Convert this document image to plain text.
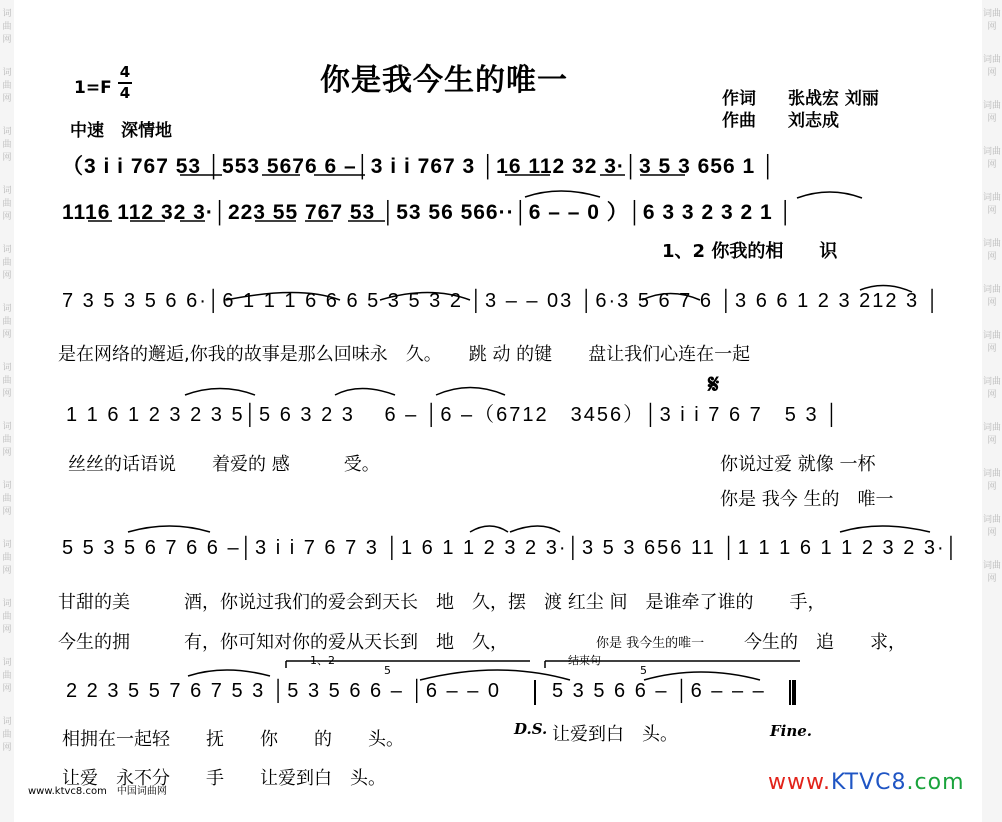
词曲网
词曲网
词曲网
词曲网
词曲网
词曲网
词曲网
词曲网
词曲网
词曲网
词曲网
词曲网
词曲网
词曲网
词曲网
词曲网
词曲网
词曲网
词曲网
词曲网
词曲网
词曲网
词曲网
词曲网
词曲网
词曲网
你是我今生的唯一
1=F
4
4
中速　深情地
作词 张战宏 刘丽
作曲 刘志成
（3 i i 767 53 │553 5676 6 –│3 i i 767 3 │16 112 32 3·│3 5 3 656 1 │
1116 112 32 3·│223 55 767 53 │53 56 566··│6 – – 0 ）│6 3 3 2 3 2 1 │
1、2 你我的相　　识
7 3 5 3 5 6 6·│6 1 1 1 6 6 6 5 3 5 3 2 │3 – – 03 │6·3 5 6 7 6 │3 6 6 1 2 3 212 3 │
是在网络的邂逅,你我的故事是那么回味永　久。　　跳 动 的键　　盘让我们心连在一起
𝄋
1 1 6 1 2 3 2 3 5│5 6 3 2 3 　6 – │6 –（6712　3456）│3 i i 7 6 7　5 3 │
丝丝的话语说　　着爱的 感　　　受。	你说过爱 就像 一杯
你是 我今 生的　唯一
5 5 3 5 6 7 6 6 –│3 i i 7 6 7 3 │1 6 1 1 2 3 2 3·│3 5 3 656 11 │1 1 1 6 1 1 2 3 2 3·│
甘甜的美　　　酒，你说过我们的爱会到天长　地　久，摆　渡 红尘 间　是谁牵了谁的　　手，
今生的拥　　　有，你可知对你的爱从天长到　地　久，	你是 我今生的唯一 今生的　追　　求，
1、2	结束句
5	5
2 2 3 5 5 7 6 7 5 3 │5 3 5 6 6 – │6 – – 0	5 3 5 6 6 – │6 – – –
相拥在一起轻　　抚　　你　　的　　头。	D.S. 让爱到白　头。	Fine.
让爱　永不分　　手　　让爱到白　头。
www.ktvc8.com　中国词曲网	www.KTVC8.com
